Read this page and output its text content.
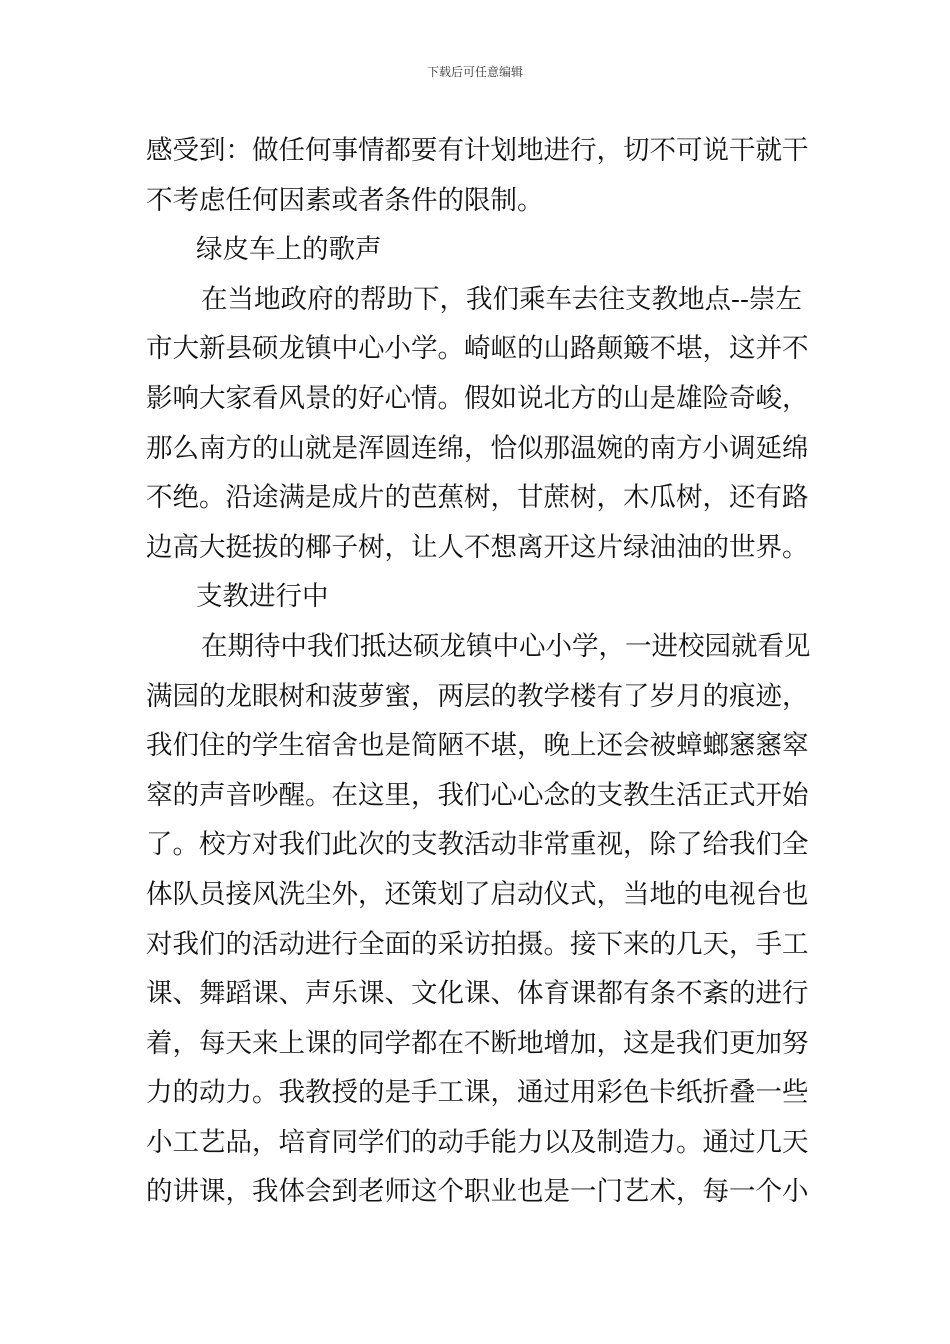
下载后可任意编辑
感受到：做任何事情都要有计划地进行，切不可说干就干
不考虑任何因素或者条件的限制。
绿皮车上的歌声
在当地政府的帮助下，我们乘车去往支教地点--崇左
市大新县硕龙镇中心小学。崎岖的山路颠簸不堪，这并不
影响大家看风景的好心情。假如说北方的山是雄险奇峻，
那么南方的山就是浑圆连绵，恰似那温婉的南方小调延绵
不绝。沿途满是成片的芭蕉树，甘蔗树，木瓜树，还有路
边高大挺拔的椰子树，让人不想离开这片绿油油的世界。
支教进行中
在期待中我们抵达硕龙镇中心小学，一进校园就看见
满园的龙眼树和菠萝蜜，两层的教学楼有了岁月的痕迹，
我们住的学生宿舍也是简陋不堪，晚上还会被蟑螂窸窸窣
窣的声音吵醒。在这里，我们心心念的支教生活正式开始
了。校方对我们此次的支教活动非常重视，除了给我们全
体队员接风洗尘外，还策划了启动仪式，当地的电视台也
对我们的活动进行全面的采访拍摄。接下来的几天，手工
课、舞蹈课、声乐课、文化课、体育课都有条不紊的进行
着，每天来上课的同学都在不断地增加，这是我们更加努
力的动力。我教授的是手工课，通过用彩色卡纸折叠一些
小工艺品，培育同学们的动手能力以及制造力。通过几天
的讲课，我体会到老师这个职业也是一门艺术，每一个小
